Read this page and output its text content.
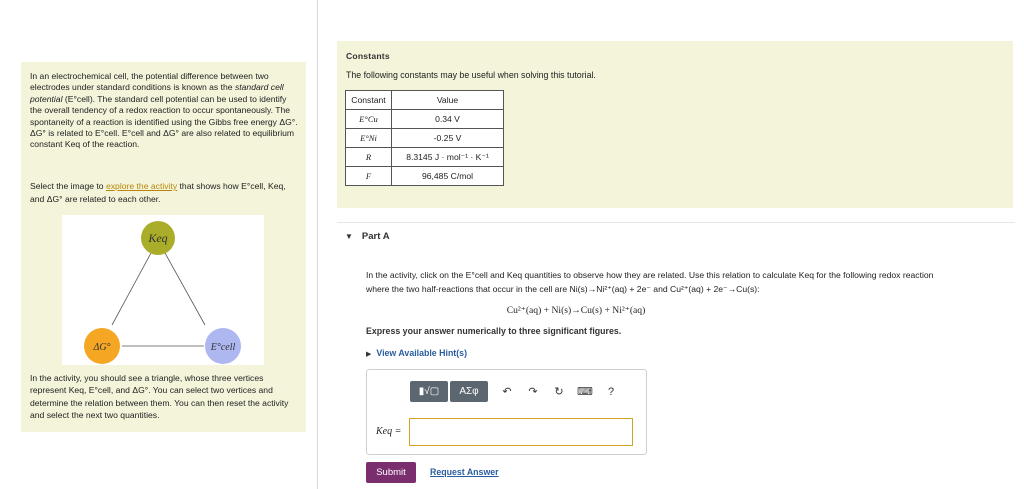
In an electrochemical cell, the potential difference between two electrodes under standard conditions is known as the standard cell potential (E°cell). The standard cell potential can be used to identify the overall tendency of a redox reaction to occur spontaneously. The spontaneity of a reaction is identified using the Gibbs free energy ΔG°. ΔG° is related to E°cell. E°cell and ΔG° are also related to equilibrium constant Keq of the reaction.
Select the image to explore the activity that shows how E°cell, Keq, and ΔG° are related to each other.
Keq
ΔG°	E°cell
In the activity, you should see a triangle, whose three vertices represent Keq, E°cell, and ΔG°. You can select two vertices and determine the relation between them. You can then reset the activity and select the next two quantities.
Constants
The following constants may be useful when solving this tutorial.
Constant	Value
E°Cu	0.34 V
E°Ni	-0.25 V
R	8.3145 J · mol⁻¹ · K⁻¹
F	96,485 C/mol
▼ Part A
In the activity, click on the E°cell and Keq quantities to observe how they are related. Use this relation to calculate Keq for the following redox reaction
where the two half-reactions that occur in the cell are Ni(s)→Ni²⁺(aq) + 2e⁻ and Cu²⁺(aq) + 2e⁻→Cu(s):
Cu²⁺(aq) + Ni(s)→Cu(s) + Ni²⁺(aq)
Express your answer numerically to three significant figures.
▶ View Available Hint(s)
▮√▢ ΑΣφ	↶	↷	↻	⌨	?
Keq =
Submit	Request Answer
